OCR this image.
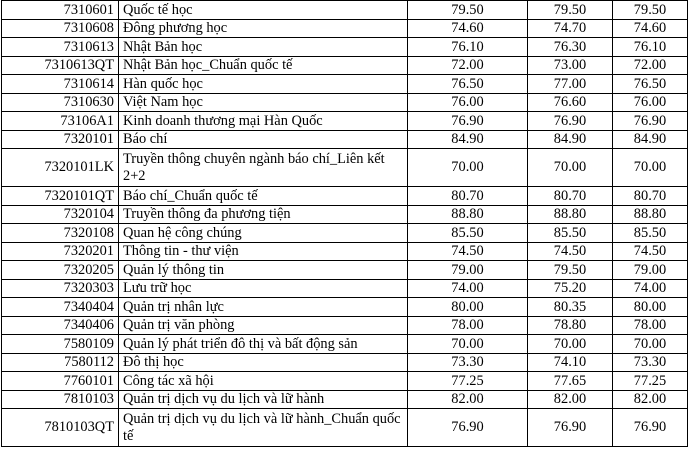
7310601	Quốc tế học	79.50	79.50	79.50
7310608	Đông phương học	74.60	74.70	74.60
7310613	Nhật Bản học	76.10	76.30	76.10
7310613QT	Nhật Bản học_Chuẩn quốc tế	72.00	73.00	72.00
7310614	Hàn quốc học	76.50	77.00	76.50
7310630	Việt Nam học	76.00	76.60	76.00
73106A1	Kinh doanh thương mại Hàn Quốc	76.90	76.90	76.90
7320101	Báo chí	84.90	84.90	84.90
7320101LK	Truyền thông chuyên ngành báo chí_Liên kết 2+2	70.00	70.00	70.00
7320101QT	Báo chí_Chuẩn quốc tế	80.70	80.70	80.70
7320104	Truyền thông đa phương tiện	88.80	88.80	88.80
7320108	Quan hệ công chúng	85.50	85.50	85.50
7320201	Thông tin - thư viện	74.50	74.50	74.50
7320205	Quản lý thông tin	79.00	79.50	79.00
7320303	Lưu trữ học	74.00	75.20	74.00
7340404	Quản trị nhân lực	80.00	80.35	80.00
7340406	Quản trị văn phòng	78.00	78.80	78.00
7580109	Quản lý phát triển đô thị và bất động sản	70.00	70.00	70.00
7580112	Đô thị học	73.30	74.10	73.30
7760101	Công tác xã hội	77.25	77.65	77.25
7810103	Quản trị dịch vụ du lịch và lữ hành	82.00	82.00	82.00
7810103QT	Quản trị dịch vụ du lịch và lữ hành_Chuẩn quốc tế	76.90	76.90	76.90
